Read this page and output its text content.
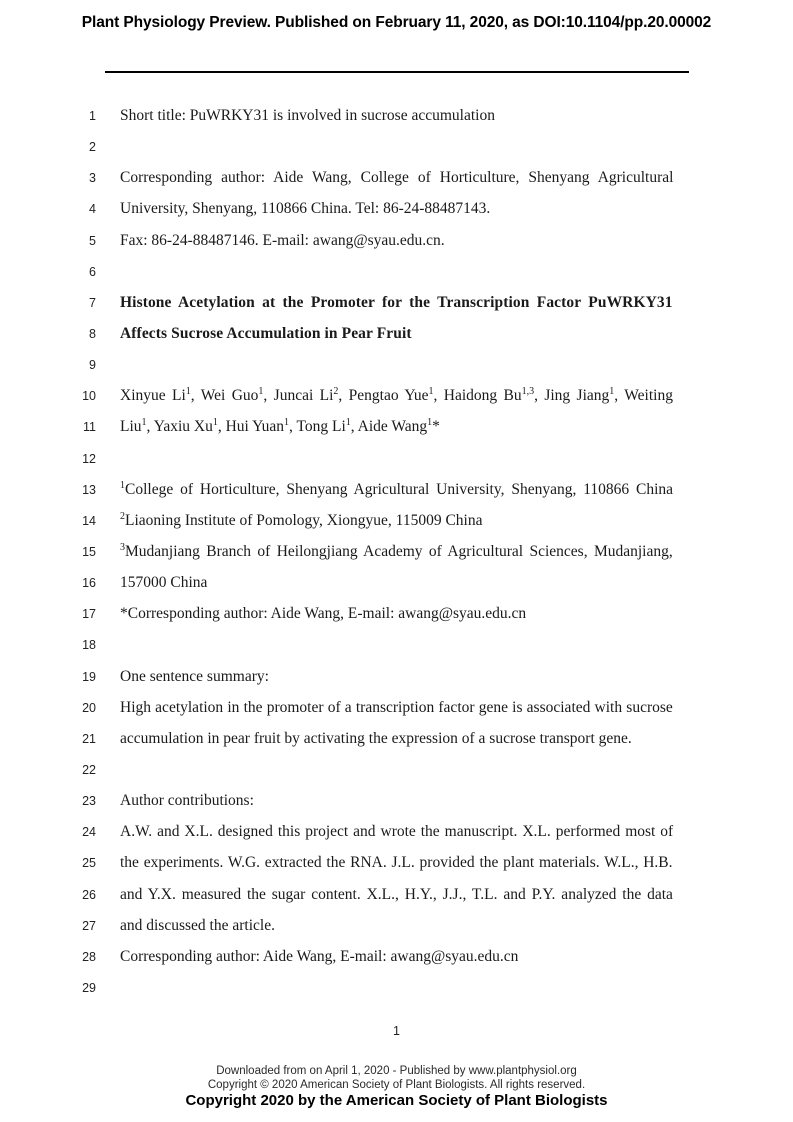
Plant Physiology Preview. Published on February 11, 2020, as DOI:10.1104/pp.20.00002
1	Short title: PuWRKY31 is involved in sucrose accumulation
2
3	Corresponding author: Aide Wang, College of Horticulture, Shenyang Agricultural
4	University, Shenyang, 110866 China. Tel: 86-24-88487143.
5	Fax: 86-24-88487146. E-mail: awang@syau.edu.cn.
6
7	Histone Acetylation at the Promoter for the Transcription Factor PuWRKY31
8	Affects Sucrose Accumulation in Pear Fruit
9
10	Xinyue Li$^1$, Wei Guo$^1$, Juncai Li$^2$, Pengtao Yue$^1$, Haidong Bu$^{1,3}$, Jing Jiang$^1$, Weiting
11	Liu$^1$, Yaxiu Xu$^1$, Hui Yuan$^1$, Tong Li$^1$, Aide Wang$^1$*
12
13	$^1$College of Horticulture, Shenyang Agricultural University, Shenyang, 110866 China
14	$^2$Liaoning Institute of Pomology, Xiongyue, 115009 China
15	$^3$Mudanjiang Branch of Heilongjiang Academy of Agricultural Sciences, Mudanjiang,
16	157000 China
17	*Corresponding author: Aide Wang, E-mail: awang@syau.edu.cn
18
19	One sentence summary:
20	High acetylation in the promoter of a transcription factor gene is associated with sucrose
21	accumulation in pear fruit by activating the expression of a sucrose transport gene.
22
23	Author contributions:
24	A.W. and X.L. designed this project and wrote the manuscript. X.L. performed most of
25	the experiments. W.G. extracted the RNA. J.L. provided the plant materials. W.L., H.B.
26	and Y.X. measured the sugar content. X.L., H.Y., J.J., T.L. and P.Y. analyzed the data
27	and discussed the article.
28	Corresponding author: Aide Wang, E-mail: awang@syau.edu.cn
29
1
Downloaded from on April 1, 2020 - Published by www.plantphysiol.org
Copyright © 2020 American Society of Plant Biologists. All rights reserved.
Copyright 2020 by the American Society of Plant Biologists
